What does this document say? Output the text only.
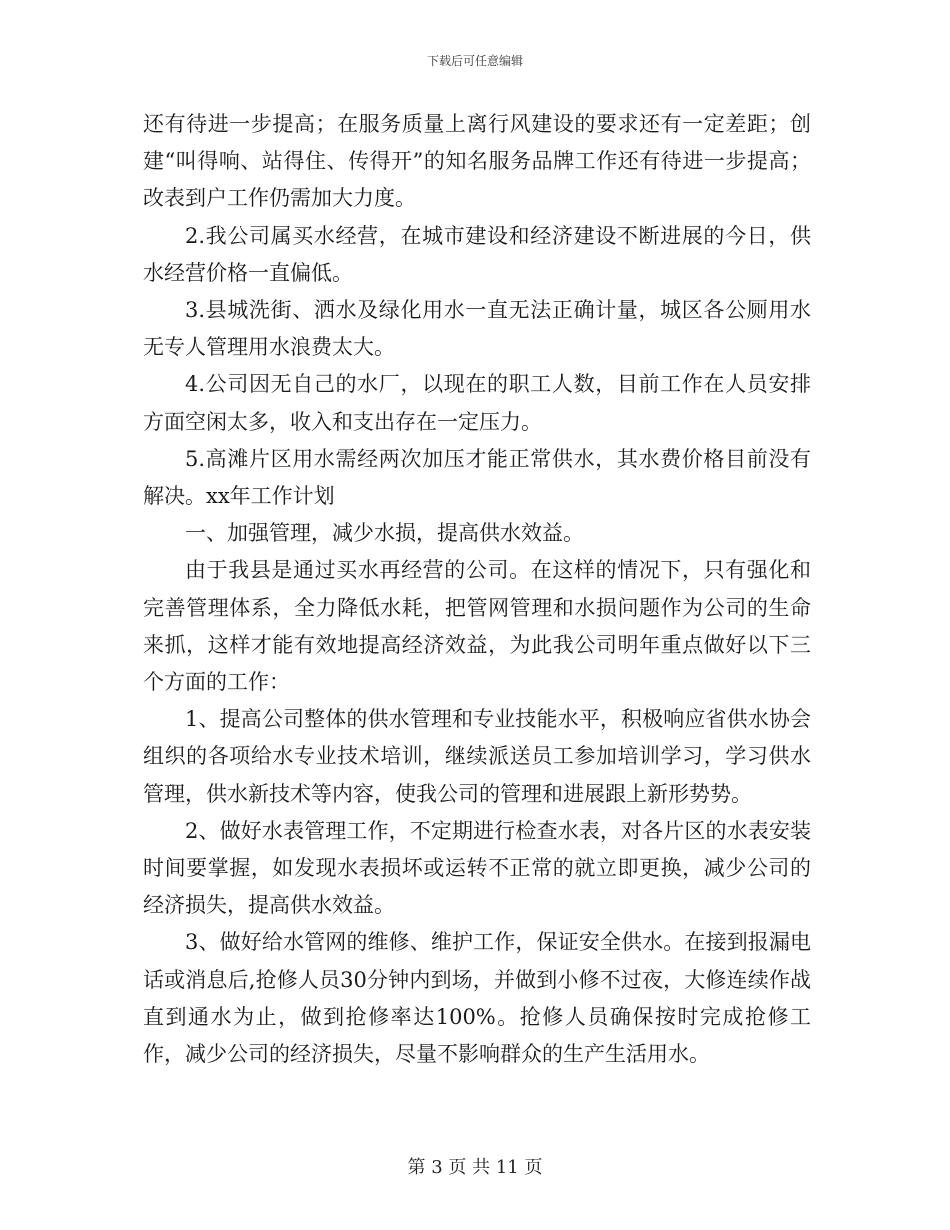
下载后可任意编辑

还有待进一步提高；在服务质量上离行风建设的要求还有一定差距；创建“叫得响、站得住、传得开”的知名服务品牌工作还有待进一步提高；改表到户工作仍需加大力度。

2.我公司属买水经营，在城市建设和经济建设不断进展的今日，供水经营价格一直偏低。

3.县城洗街、洒水及绿化用水一直无法正确计量，城区各公厕用水无专人管理用水浪费太大。

4.公司因无自己的水厂，以现在的职工人数，目前工作在人员安排方面空闲太多，收入和支出存在一定压力。

5.高滩片区用水需经两次加压才能正常供水，其水费价格目前没有解决。xx年工作计划

一、加强管理，减少水损，提高供水效益。

由于我县是通过买水再经营的公司。在这样的情况下，只有强化和完善管理体系，全力降低水耗，把管网管理和水损问题作为公司的生命来抓，这样才能有效地提高经济效益，为此我公司明年重点做好以下三个方面的工作：

1、提高公司整体的供水管理和专业技能水平，积极响应省供水协会组织的各项给水专业技术培训，继续派送员工参加培训学习，学习供水管理，供水新技术等内容，使我公司的管理和进展跟上新形势势。

2、做好水表管理工作，不定期进行检查水表，对各片区的水表安装时间要掌握，如发现水表损坏或运转不正常的就立即更换，减少公司的经济损失，提高供水效益。

3、做好给水管网的维修、维护工作，保证安全供水。在接到报漏电话或消息后,抢修人员30分钟内到场，并做到小修不过夜，大修连续作战直到通水为止，做到抢修率达100%。抢修人员确保按时完成抢修工作，减少公司的经济损失，尽量不影响群众的生产生活用水。

第 3 页 共 11 页
